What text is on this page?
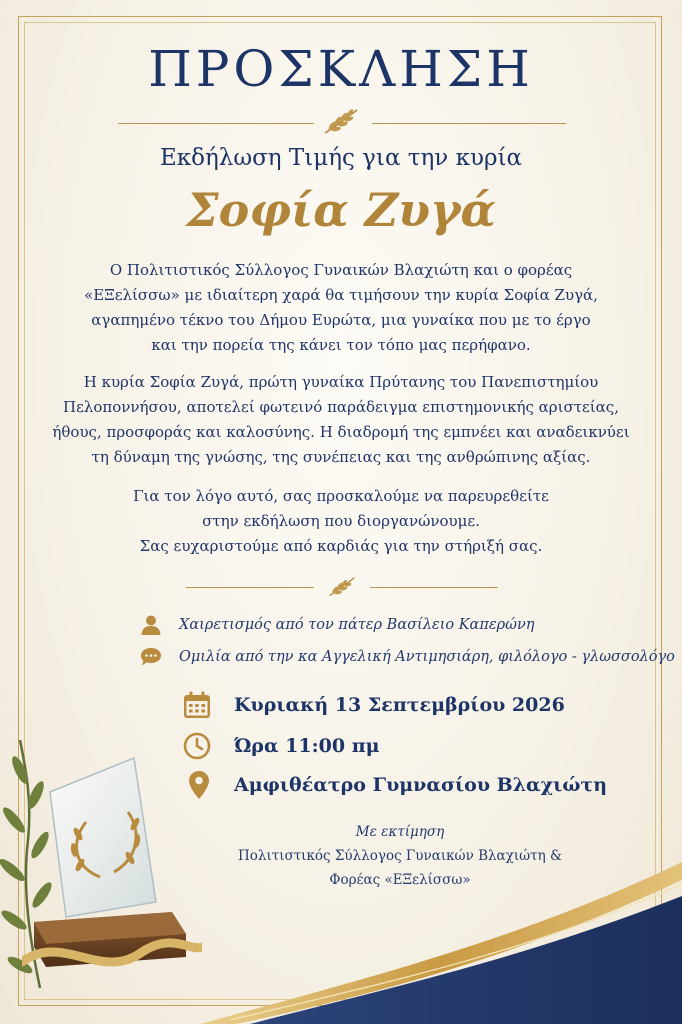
ΠΡΟΣΚΛΗΣΗ
Εκδήλωση Τιμής για την κυρία
Σοφία Ζυγά

Ο Πολιτιστικός Σύλλογος Γυναικών Βλαχιώτη και ο φορέας

«ΕΞελίσσω» με ιδιαίτερη χαρά θα τιμήσουν την κυρία Σοφία Ζυγά,

αγαπημένο τέκνο του Δήμου Ευρώτα, μια γυναίκα που με το έργο

και την πορεία της κάνει τον τόπο μας περήφανο.

Η κυρία Σοφία Ζυγά, πρώτη γυναίκα Πρύτανης του Πανεπιστημίου

Πελοποννήσου, αποτελεί φωτεινό παράδειγμα επιστημονικής αριστείας,

ήθους, προσφοράς και καλοσύνης. Η διαδρομή της εμπνέει και αναδεικνύει

τη δύναμη της γνώσης, της συνέπειας και της ανθρώπινης αξίας.

Για τον λόγο αυτό, σας προσκαλούμε να παρευρεθείτε

στην εκδήλωση που διοργανώνουμε.

Σας ευχαριστούμε από καρδιάς για την στήριξή σας.

Χαιρετισμός από τον πάτερ Βασίλειο Καπερώνη
Ομιλία από την κα Αγγελική Αντιμησιάρη, φιλόλογο - γλωσσολόγο
Κυριακή 13 Σεπτεμβρίου 2026
Ώρα 11:00 πμ
Αμφιθέατρο Γυμνασίου Βλαχιώτη
Με εκτίμηση
Πολιτιστικός Σύλλογος Γυναικών Βλαχιώτη &
Φορέας «ΕΞελίσσω»
